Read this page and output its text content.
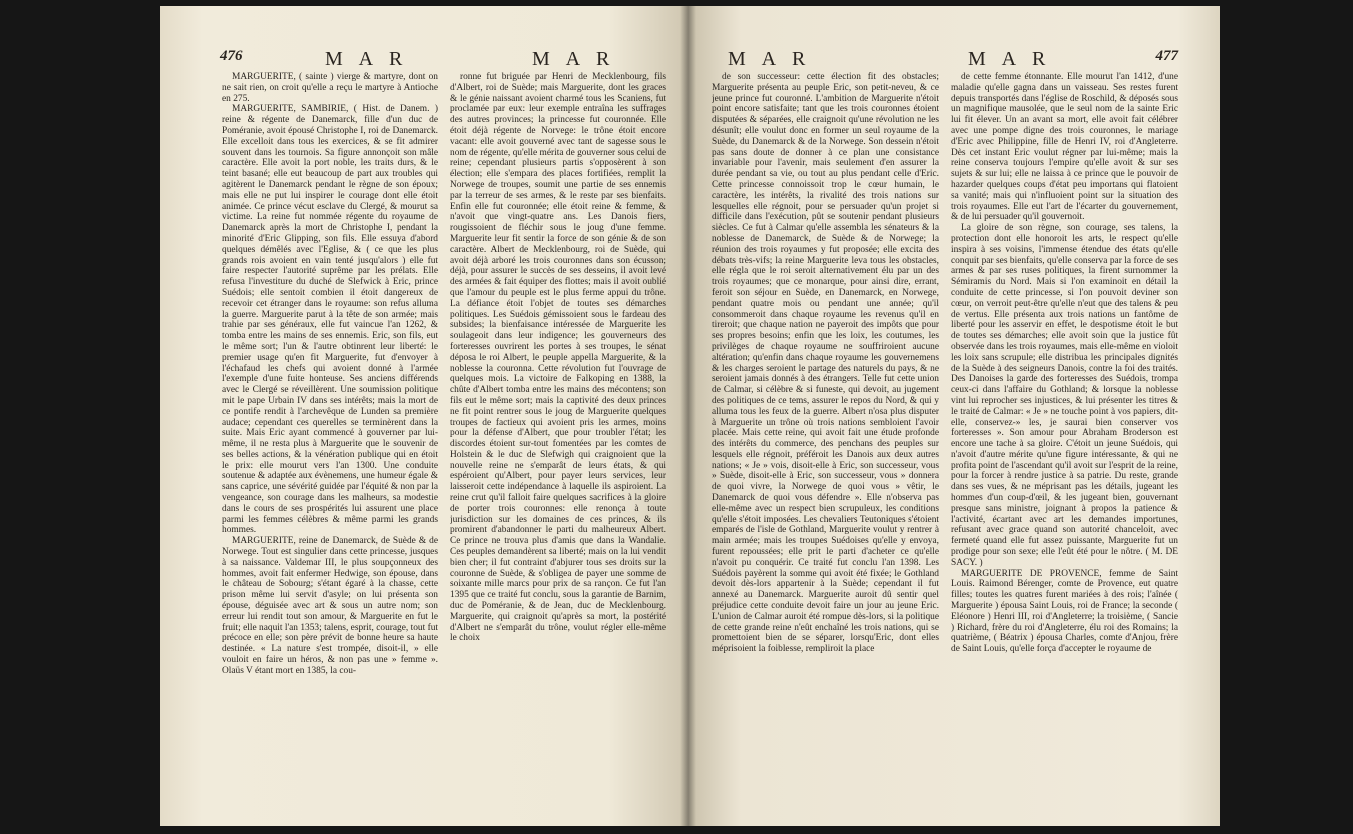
476	M A R	M A R

MARGUERITE, ( sainte ) vierge & martyre, dont on ne sait rien, on croit qu'elle a reçu le martyre à Antioche en 275.

MARGUERITE, SAMBIRIE, ( Hist. de Danem. ) reine & régente de Danemarck, fille d'un duc de Poméranie, avoit épousé Christophe I, roi de Danemarck. Elle excelloit dans tous les exercices, & se fit admirer souvent dans les tournois. Sa figure annonçoit son mâle caractère. Elle avoit la port noble, les traits durs, & le teint basané; elle eut beaucoup de part aux troubles qui agitèrent le Danemarck pendant le règne de son époux; mais elle ne put lui inspirer le courage dont elle étoit animée. Ce prince vécut esclave du Clergé, & mourut sa victime. La reine fut nommée régente du royaume de Danemarck après la mort de Christophe I, pendant la minorité d'Eric Glipping, son fils. Elle essuya d'abord quelques démêlés avec l'Eglise, & ( ce que les plus grands rois avoient en vain tenté jusqu'alors ) elle fut faire respecter l'autorité suprême par les prélats. Elle refusa l'investiture du duché de Slefwick à Eric, prince Suédois; elle sentoit combien il étoit dangereux de recevoir cet étranger dans le royaume: son refus alluma la guerre. Marguerite parut à la tête de son armée; mais trahie par ses généraux, elle fut vaincue l'an 1262, & tomba entre les mains de ses ennemis. Eric, son fils, eut le même sort; l'un & l'autre obtinrent leur liberté: le premier usage qu'en fit Marguerite, fut d'envoyer à l'échafaud les chefs qui avoient donné à l'armée l'exemple d'une fuite honteuse. Ses anciens différends avec le Clergé se réveillèrent. Une soumission politique mit le pape Urbain IV dans ses intérêts; mais la mort de ce pontife rendit à l'archevêque de Lunden sa première audace; cependant ces querelles se terminèrent dans la suite. Mais Eric ayant commencé à gouverner par lui-même, il ne resta plus à Marguerite que le souvenir de ses belles actions, & la vénération publique qui en étoit le prix: elle mourut vers l'an 1300. Une conduite soutenue & adaptée aux évènemens, une humeur égale & sans caprice, une sévérité guidée par l'équité & non par la vengeance, son courage dans les malheurs, sa modestie dans le cours de ses prospérités lui assurent une place parmi les femmes célèbres & même parmi les grands hommes.

MARGUERITE, reine de Danemarck, de Suède & de Norwege. Tout est singulier dans cette princesse, jusques à sa naissance. Valdemar III, le plus soupçonneux des hommes, avoit fait enfermer Hedwige, son épouse, dans le château de Sobourg; s'étant égaré à la chasse, cette prison même lui servit d'asyle; on lui présenta son épouse, déguisée avec art & sous un autre nom; son erreur lui rendit tout son amour, & Marguerite en fut le fruit; elle naquit l'an 1353; talens, esprit, courage, tout fut précoce en elle; son père prévit de bonne heure sa haute destinée. « La nature s'est trompée, disoit-il, » elle vouloit en faire un héros, & non pas une » femme ». Olaüs V étant mort en 1385, la cou-

ronne fut briguée par Henri de Mecklenbourg, fils d'Albert, roi de Suède; mais Marguerite, dont les graces & le génie naissant avoient charmé tous les Scaniens, fut proclamée par eux: leur exemple entraîna les suffrages des autres provinces; la princesse fut couronnée. Elle étoit déjà régente de Norvege: le trône étoit encore vacant: elle avoit gouverné avec tant de sagesse sous le nom de régente, qu'elle mérita de gouverner sous celui de reine; cependant plusieurs partis s'opposèrent à son élection; elle s'empara des places fortifiées, remplit la Norwege de troupes, soumit une partie de ses ennemis par la terreur de ses armes, & le reste par ses bienfaits. Enfin elle fut couronnée; elle étoit reine & femme, & n'avoit que vingt-quatre ans. Les Danois fiers, rougissoient de fléchir sous le joug d'une femme. Marguerite leur fit sentir la force de son génie & de son caractère. Albert de Mecklenbourg, roi de Suède, qui avoit déjà arboré les trois couronnes dans son écusson; déjà, pour assurer le succès de ses desseins, il avoit levé des armées & fait équiper des flottes; mais il avoit oublié que l'amour du peuple est le plus ferme appui du trône. La défiance étoit l'objet de toutes ses démarches politiques. Les Suédois gémissoient sous le fardeau des subsides; la bienfaisance intéressée de Marguerite les soulageoit dans leur indigence; les gouverneurs des forteresses ouvrirent les portes à ses troupes, le sénat déposa le roi Albert, le peuple appella Marguerite, & la noblesse la couronna. Cette révolution fut l'ouvrage de quelques mois. La victoire de Falkoping en 1388, la chûte d'Albert tomba entre les mains des mécontens; son fils eut le même sort; mais la captivité des deux princes ne fit point rentrer sous le joug de Marguerite quelques troupes de factieux qui avoient pris les armes, moins pour la défense d'Albert, que pour troubler l'état; les discordes étoient sur-tout fomentées par les comtes de Holstein & le duc de Slefwigh qui craignoient que la nouvelle reine ne s'emparât de leurs états, & qui espéroient qu'Albert, pour payer leurs services, leur laisseroit cette indépendance à laquelle ils aspiroient. La reine crut qu'il falloit faire quelques sacrifices à la gloire de porter trois couronnes: elle renonça à toute jurisdiction sur les domaines de ces princes, & ils promirent d'abandonner le parti du malheureux Albert. Ce prince ne trouva plus d'amis que dans la Wandalie. Ces peuples demandèrent sa liberté; mais on la lui vendit bien cher; il fut contraint d'abjurer tous ses droits sur la couronne de Suède, & s'obligea de payer une somme de soixante mille marcs pour prix de sa rançon. Ce fut l'an 1395 que ce traité fut conclu, sous la garantie de Barnim, duc de Poméranie, & de Jean, duc de Mecklenbourg. Marguerite, qui craignoit qu'après sa mort, la postérité d'Albert ne s'emparât du trône, voulut régler elle-même le choix

M A R	M A R	477

de son successeur: cette élection fit des obstacles; Marguerite présenta au peuple Eric, son petit-neveu, & ce jeune prince fut couronné. L'ambition de Marguerite n'étoit point encore satisfaite; tant que les trois couronnes étoient disputées & séparées, elle craignoit qu'une révolution ne les désunît; elle voulut donc en former un seul royaume de la Suède, du Danemarck & de la Norwege. Son dessein n'étoit pas sans doute de donner à ce plan une consistance invariable pour l'avenir, mais seulement d'en assurer la durée pendant sa vie, ou tout au plus pendant celle d'Eric. Cette princesse connoissoit trop le cœur humain, le caractère, les intérêts, la rivalité des trois nations sur lesquelles elle régnoit, pour se persuader qu'un projet si difficile dans l'exécution, pût se soutenir pendant plusieurs siècles. Ce fut à Calmar qu'elle assembla les sénateurs & la noblesse de Danemarck, de Suède & de Norwege; la réunion des trois royaumes y fut proposée; elle excita des débats très-vifs; la reine Marguerite leva tous les obstacles, elle régla que le roi seroit alternativement élu par un des trois royaumes; que ce monarque, pour ainsi dire, errant, feroit son séjour en Suède, en Danemarck, en Norwege, pendant quatre mois ou pendant une année; qu'il consommeroit dans chaque royaume les revenus qu'il en tireroit; que chaque nation ne payeroit des impôts que pour ses propres besoins; enfin que les loix, les coutumes, les privilèges de chaque royaume ne souffriroient aucune altération; qu'enfin dans chaque royaume les gouvernemens & les charges seroient le partage des naturels du pays, & ne seroient jamais donnés à des étrangers. Telle fut cette union de Calmar, si célèbre & si funeste, qui devoit, au jugement des politiques de ce tems, assurer le repos du Nord, & qui y alluma tous les feux de la guerre. Albert n'osa plus disputer à Marguerite un trône où trois nations sembloient l'avoir placée. Mais cette reine, qui avoit fait une étude profonde des intérêts du commerce, des penchans des peuples sur lesquels elle régnoit, préféroit les Danois aux deux autres nations; « Je » vois, disoit-elle à Eric, son successeur, vous » Suède, disoit-elle à Eric, son successeur, vous » donnera de quoi vivre, la Norwege de quoi vous » vêtir, le Danemarck de quoi vous défendre ». Elle n'observa pas elle-même avec un respect bien scrupuleux, les conditions qu'elle s'étoit imposées. Les chevaliers Teutoniques s'étoient emparés de l'isle de Gothland, Marguerite voulut y rentrer à main armée; mais les troupes Suédoises qu'elle y envoya, furent repoussées; elle prit le parti d'acheter ce qu'elle n'avoit pu conquérir. Ce traité fut conclu l'an 1398. Les Suédois payèrent la somme qui avoit été fixée; le Gothland devoit dès-lors appartenir à la Suède; cependant il fut annexé au Danemarck. Marguerite auroit dû sentir quel préjudice cette conduite devoit faire un jour au jeune Eric. L'union de Calmar auroit été rompue dès-lors, si la politique de cette grande reine n'eût enchaîné les trois nations, qui se promettoient bien de se séparer, lorsqu'Eric, dont elles méprisoient la foiblesse, rempliroit la place

de cette femme étonnante. Elle mourut l'an 1412, d'une maladie qu'elle gagna dans un vaisseau. Ses restes furent depuis transportés dans l'église de Roschild, & déposés sous un magnifique mausolée, que le seul nom de la sainte Eric lui fit élever. Un an avant sa mort, elle avoit fait célébrer avec une pompe digne des trois couronnes, le mariage d'Eric avec Philippine, fille de Henri IV, roi d'Angleterre. Dès cet instant Eric voulut régner par lui-même; mais la reine conserva toujours l'empire qu'elle avoit & sur ses sujets & sur lui; elle ne laissa à ce prince que le pouvoir de hazarder quelques coups d'état peu importans qui flatoient sa vanité; mais qui n'influoient point sur la situation des trois royaumes. Elle eut l'art de l'écarter du gouvernement, & de lui persuader qu'il gouvernoit.

La gloire de son règne, son courage, ses talens, la protection dont elle honoroit les arts, le respect qu'elle inspira à ses voisins, l'immense étendue des états qu'elle conquit par ses bienfaits, qu'elle conserva par la force de ses armes & par ses ruses politiques, la firent surnommer la Sémiramis du Nord. Mais si l'on examinoit en détail la conduite de cette princesse, si l'on pouvoit deviner son cœur, on verroit peut-être qu'elle n'eut que des talens & peu de vertus. Elle présenta aux trois nations un fantôme de liberté pour les asservir en effet, le despotisme étoit le but de toutes ses démarches; elle avoit soin que la justice fût observée dans les trois royaumes, mais elle-même en violoit les loix sans scrupule; elle distribua les principales dignités de la Suède à des seigneurs Danois, contre la foi des traités. Des Danoises la garde des forteresses des Suédois, trompa ceux-ci dans l'affaire du Gothland; & lorsque la noblesse vint lui reprocher ses injustices, & lui présenter les titres & le traité de Calmar: « Je » ne touche point à vos papiers, dit-elle, conservez-» les, je saurai bien conserver vos forteresses ». Son amour pour Abraham Broderson est encore une tache à sa gloire. C'étoit un jeune Suédois, qui n'avoit d'autre mérite qu'une figure intéressante, & qui ne profita point de l'ascendant qu'il avoit sur l'esprit de la reine, pour la forcer à rendre justice à sa patrie. Du reste, grande dans ses vues, & ne méprisant pas les détails, jugeant les hommes d'un coup-d'œil, & les jugeant bien, gouvernant presque sans ministre, joignant à propos la patience & l'activité, écartant avec art les demandes importunes, refusant avec grace quand son autorité chanceloit, avec fermeté quand elle fut assez puissante, Marguerite fut un prodige pour son sexe; elle l'eût été pour le nôtre. ( M. DE SACY. )

MARGUERITE DE PROVENCE, femme de Saint Louis. Raimond Bérenger, comte de Provence, eut quatre filles; toutes les quatres furent mariées à des rois; l'aînée ( Marguerite ) épousa Saint Louis, roi de France; la seconde ( Eléonore ) Henri III, roi d'Angleterre; la troisième, ( Sancie ) Richard, frère du roi d'Angleterre, élu roi des Romains; la quatrième, ( Béatrix ) épousa Charles, comte d'Anjou, frère de Saint Louis, qu'elle força d'accepter le royaume de
